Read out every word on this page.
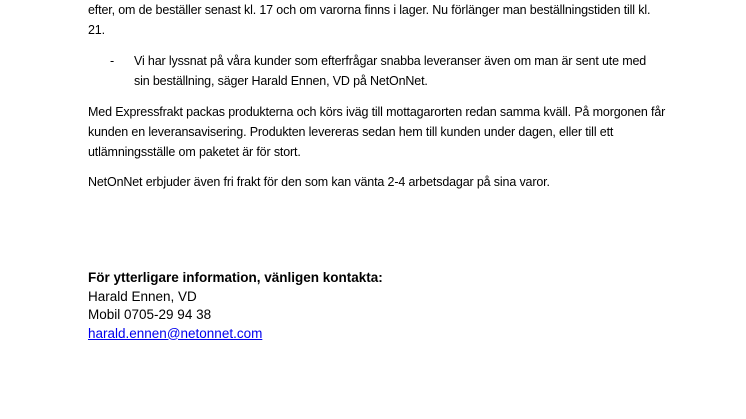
efter, om de beställer senast kl. 17 och om varorna finns i lager. Nu förlänger man beställningstiden till kl. 21.

- Vi har lyssnat på våra kunder som efterfrågar snabba leveranser även om man är sent ute med sin beställning, säger Harald Ennen, VD på NetOnNet.

Med Expressfrakt packas produkterna och körs iväg till mottagarorten redan samma kväll. På morgonen får kunden en leveransavisering. Produkten levereras sedan hem till kunden under dagen, eller till ett utlämningsställe om paketet är för stort.

NetOnNet erbjuder även fri frakt för den som kan vänta 2-4 arbetsdagar på sina varor.

För ytterligare information, vänligen kontakta:
Harald Ennen, VD
Mobil 0705-29 94 38
harald.ennen@netonnet.com
